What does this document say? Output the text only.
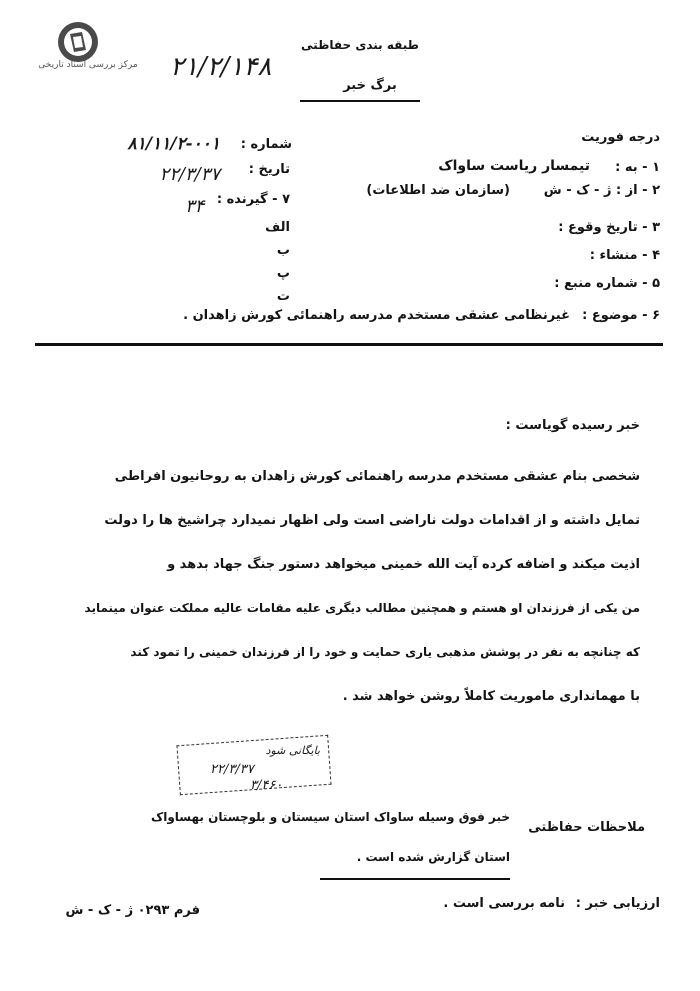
مرکز بررسی اسناد تاریخی
طبقه بندی حفاظتی
۲۱/۲/۱۴۸
برگ خبر
درجه فوریت
شماره :
۸۱/۱۱/۲-۰۰۱
تاریخ :
۲۲/۳/۳۷
۷ - گیرنده :
۳۴
الف
ب
پ
ت
۱ - به :
تیمسار ریاست ساواک
۲ - از : ژ - ک - ش
(سازمان ضد اطلاعات)
۳ - تاریخ وقوع :
۴ - منشاء :
۵ - شماره منبع :
۶ - موضوع :
غیرنظامی عشقی مستخدم مدرسه راهنمائی کورش زاهدان .
خبر رسیده گویاست :
شخصی بنام عشقی مستخدم مدرسه راهنمائی کورش زاهدان به روحانیون افراطی
تمایل داشته و از اقدامات دولت ناراضی است ولی اظهار نمیدارد چراشیخ ها را دولت
اذیت میکند و اضافه کرده آیت الله خمینی میخواهد دستور جنگ جهاد بدهد و
من یکی از فرزندان او هستم و همچنین مطالب دیگری علیه مقامات عالیه مملکت عنوان مینماید
که چنانچه به نفر در پوشش مذهبی یاری حمایت و خود را از فرزندان خمینی را تمود کند
با مهمانداری ماموریت کاملاً روشن خواهد شد .
بایگانی شود
۲۲/۳/۳۷
۳/۴۶۰
ملاحظات حفاظتی
خبر فوق وسیله ساواک استان سیستان و بلوچستان بهساواک
استان گزارش شده است .
ارزیابی خبر :
نامه بررسی است .
فرم ۰۲۹۳ ژ - ک - ش
